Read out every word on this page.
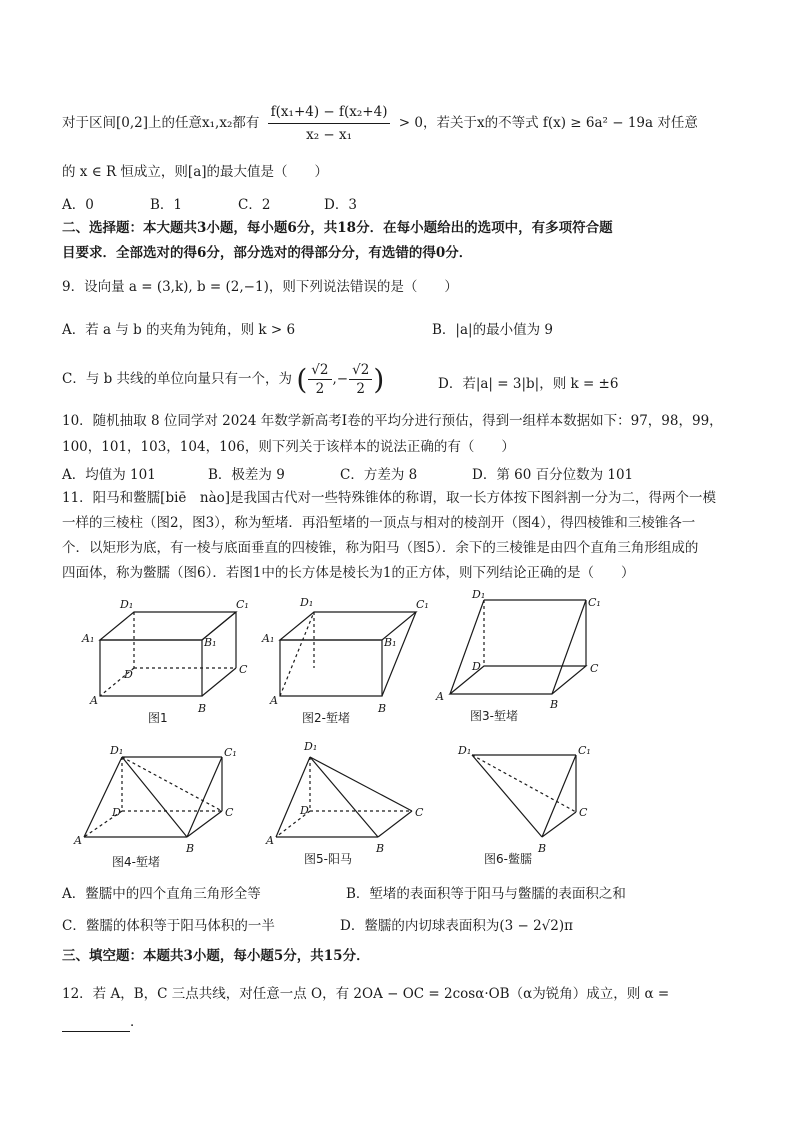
对于区间[0,2]上的任意x₁,x₂都有 $\frac{\text{f(x₁+4) − f(x₂+4)}}{\text{x₂ − x₁}} > 0$，若关于x的不等式 f(x) ≥ 6a² − 19a 对任意
的 x ∈ R 恒成立，则[a]的最大值是（　　）
A．0	B．1	C．2	D．3
二、选择题：本大题共3小题，每小题6分，共18分．在每小题给出的选项中，有多项符合题
目要求．全部选对的得6分，部分选对的得部分分，有选错的得0分．
9．设向量 a = (3,k), b = (2,−1)，则下列说法错误的是（　　）
A．若 a 与 b 的夹角为钝角，则 k > 6	B．|a|的最小值为 9
C．与 b 共线的单位向量只有一个，为 ( $\frac{√2}{2}$ ,− $\frac{√2}{2}$ )	D．若|a| = 3|b|，则 k = ±6
10．随机抽取 8 位同学对 2024 年数学新高考Ⅰ卷的平均分进行预估，得到一组样本数据如下：97，98，99，
100，101，103，104，106，则下列关于该样本的说法正确的有（　　）
A．均值为 101	B．极差为 9	C．方差为 8	D．第 60 百分位数为 101
11．阳马和鳖臑[biē　nào]是我国古代对一些特殊锥体的称谓，取一长方体按下图斜割一分为二，得两个一模
一样的三棱柱（图2，图3），称为堑堵．再沿堑堵的一顶点与相对的棱剖开（图4），得四棱锥和三棱锥各一
个．以矩形为底，有一棱与底面垂直的四棱锥，称为阳马（图5）．余下的三棱锥是由四个直角三角形组成的
四面体，称为鳖臑（图6）．若图1中的长方体是棱长为1的正方体，则下列结论正确的是（　　）
D₁	C₁
A₁	B₁
D	C
A
B
D₁	C₁
A₁	B₁
A
B
D₁
C₁
D	C
A
B
D₁	C₁
D	C
A
B
D₁
D	C
A
B
D₁	C₁
C
B
图1	图2-堑堵	图3-堑堵
图4-堑堵	图5-阳马	图6-鳖臑
A．鳖臑中的四个直角三角形全等	B．堑堵的表面积等于阳马与鳖臑的表面积之和
C．鳖臑的体积等于阳马体积的一半	D．鳖臑的内切球表面积为(3 − 2√2)π
三、填空题：本题共3小题，每小题5分，共15分．
12．若 A，B，C 三点共线，对任意一点 O，有 2OA − OC = 2cosα·OB（α为锐角）成立，则 α =
．
